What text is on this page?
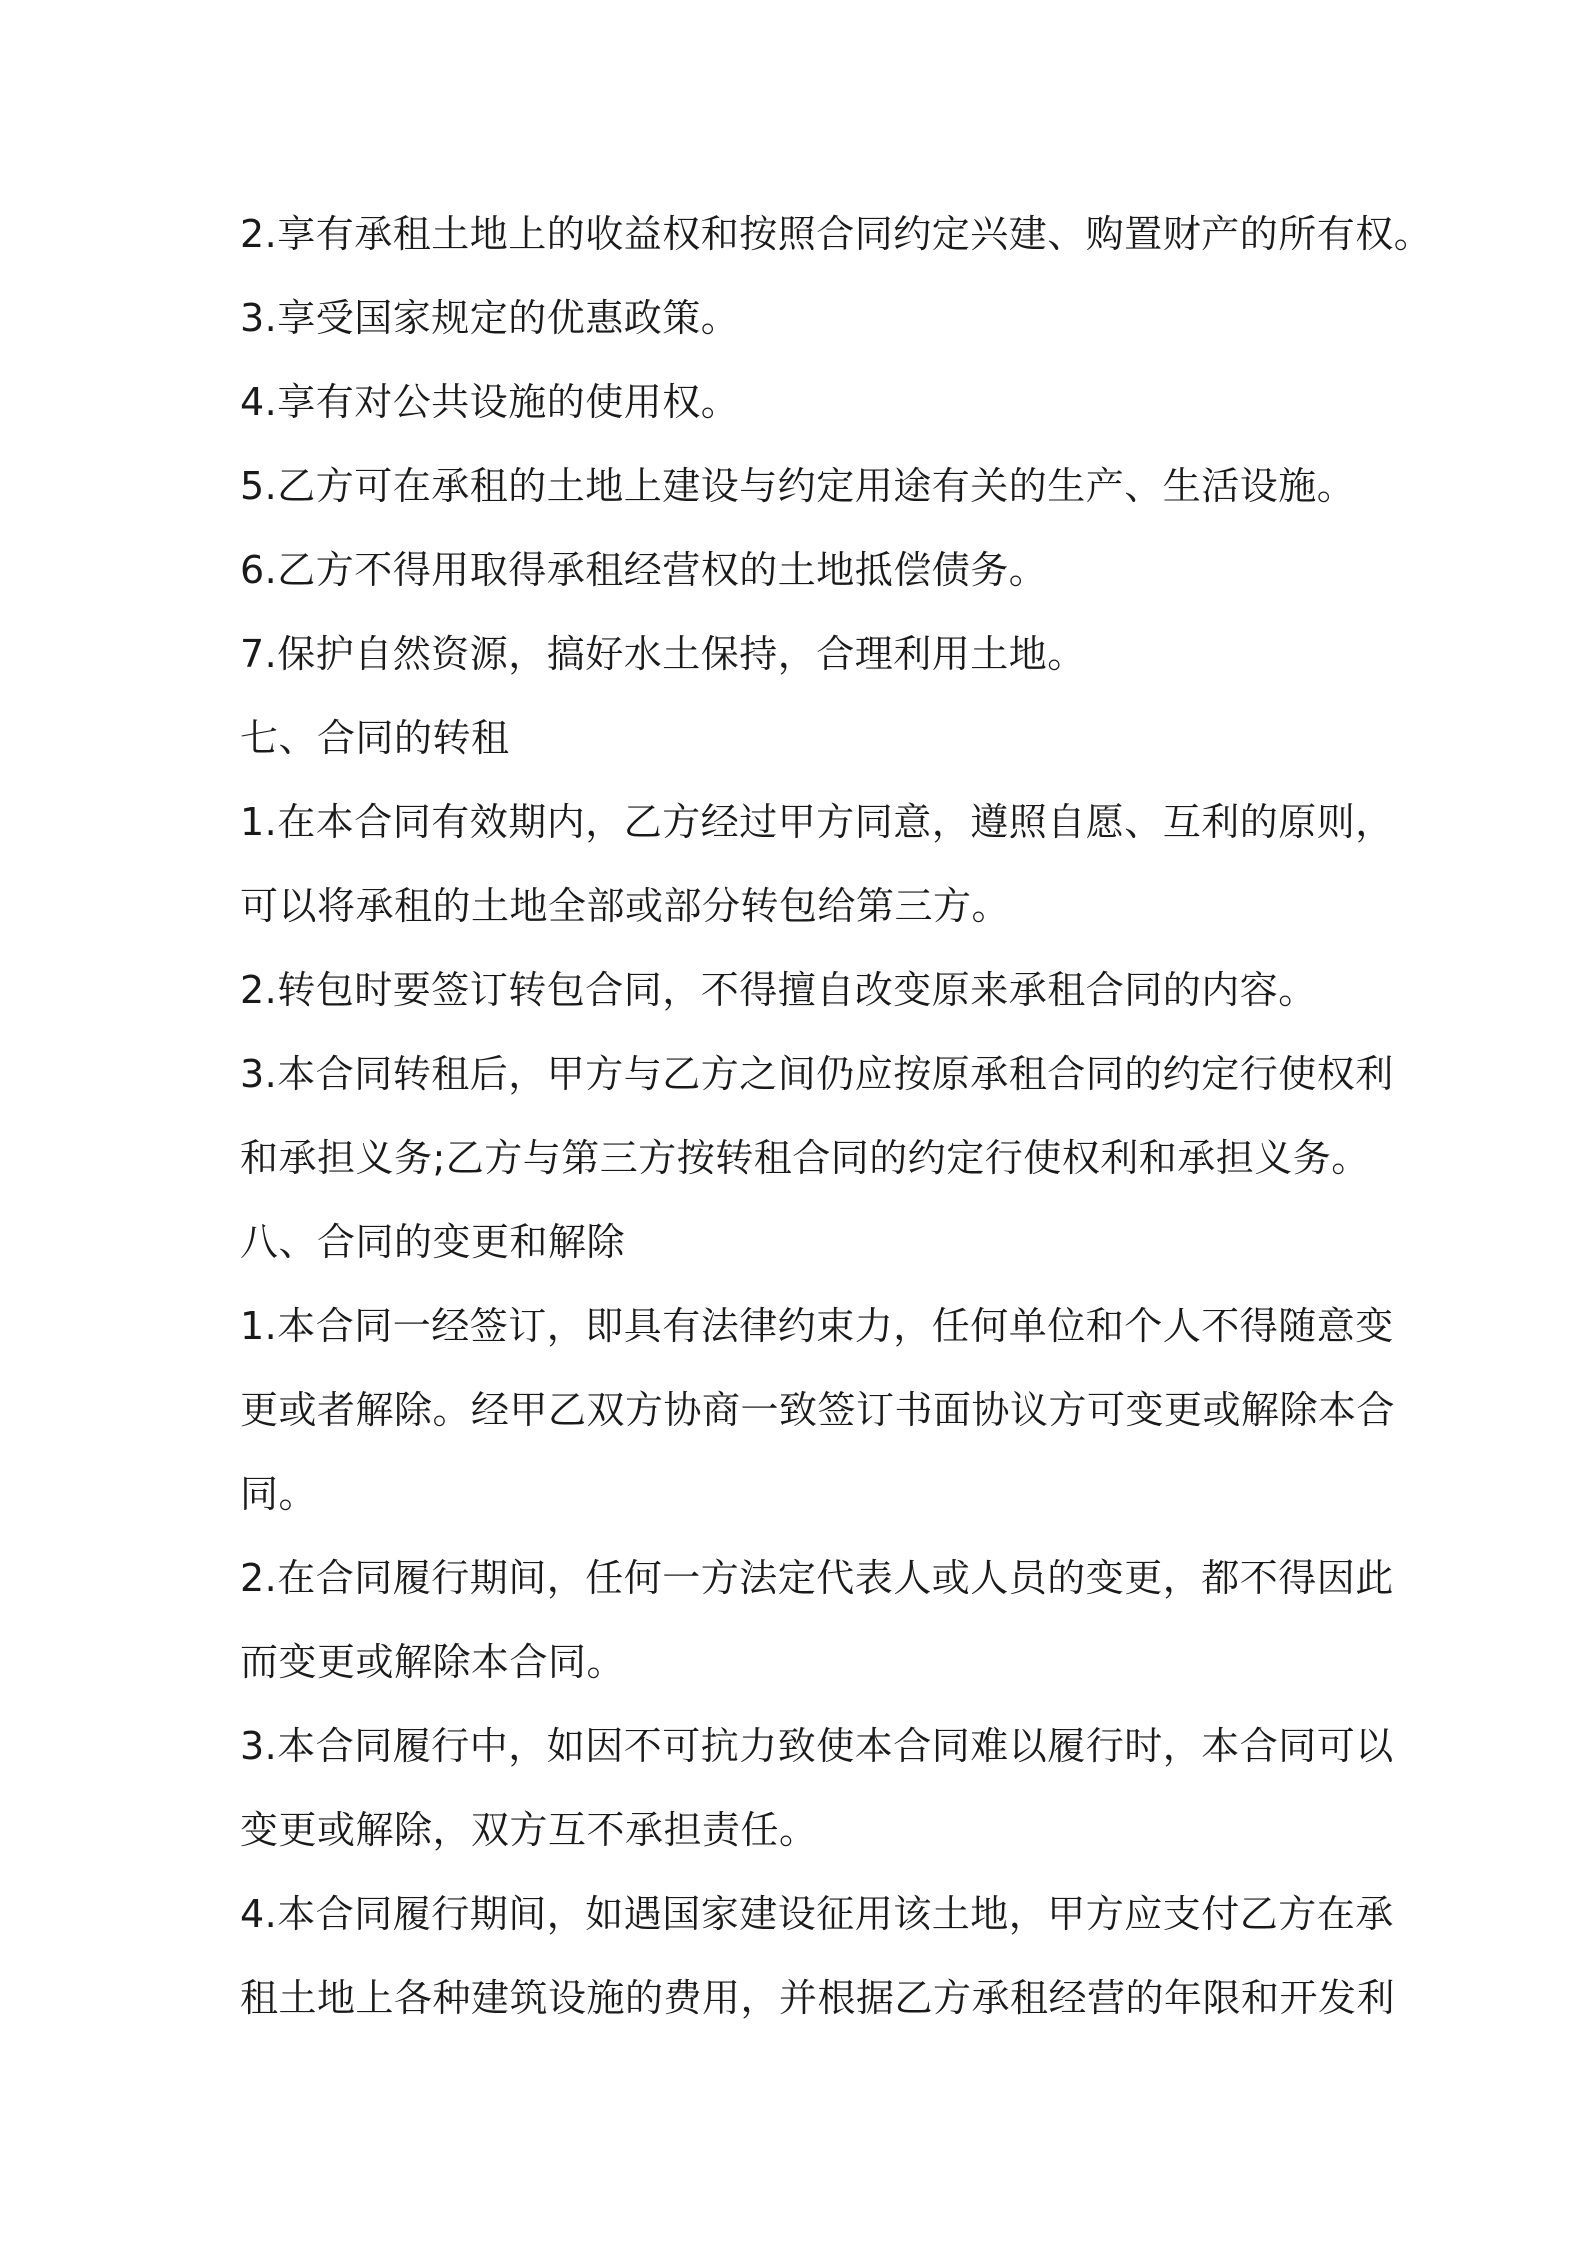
2.享有承租土地上的收益权和按照合同约定兴建、购置财产的所有权。
3.享受国家规定的优惠政策。
4.享有对公共设施的使用权。
5.乙方可在承租的土地上建设与约定用途有关的生产、生活设施。
6.乙方不得用取得承租经营权的土地抵偿债务。
7.保护自然资源，搞好水土保持，合理利用土地。
七、合同的转租
1.在本合同有效期内，乙方经过甲方同意，遵照自愿、互利的原则，
可以将承租的土地全部或部分转包给第三方。
2.转包时要签订转包合同，不得擅自改变原来承租合同的内容。
3.本合同转租后，甲方与乙方之间仍应按原承租合同的约定行使权利
和承担义务;乙方与第三方按转租合同的约定行使权利和承担义务。
八、合同的变更和解除
1.本合同一经签订，即具有法律约束力，任何单位和个人不得随意变
更或者解除。经甲乙双方协商一致签订书面协议方可变更或解除本合
同。
2.在合同履行期间，任何一方法定代表人或人员的变更，都不得因此
而变更或解除本合同。
3.本合同履行中，如因不可抗力致使本合同难以履行时，本合同可以
变更或解除，双方互不承担责任。
4.本合同履行期间，如遇国家建设征用该土地，甲方应支付乙方在承
租土地上各种建筑设施的费用，并根据乙方承租经营的年限和开发利
